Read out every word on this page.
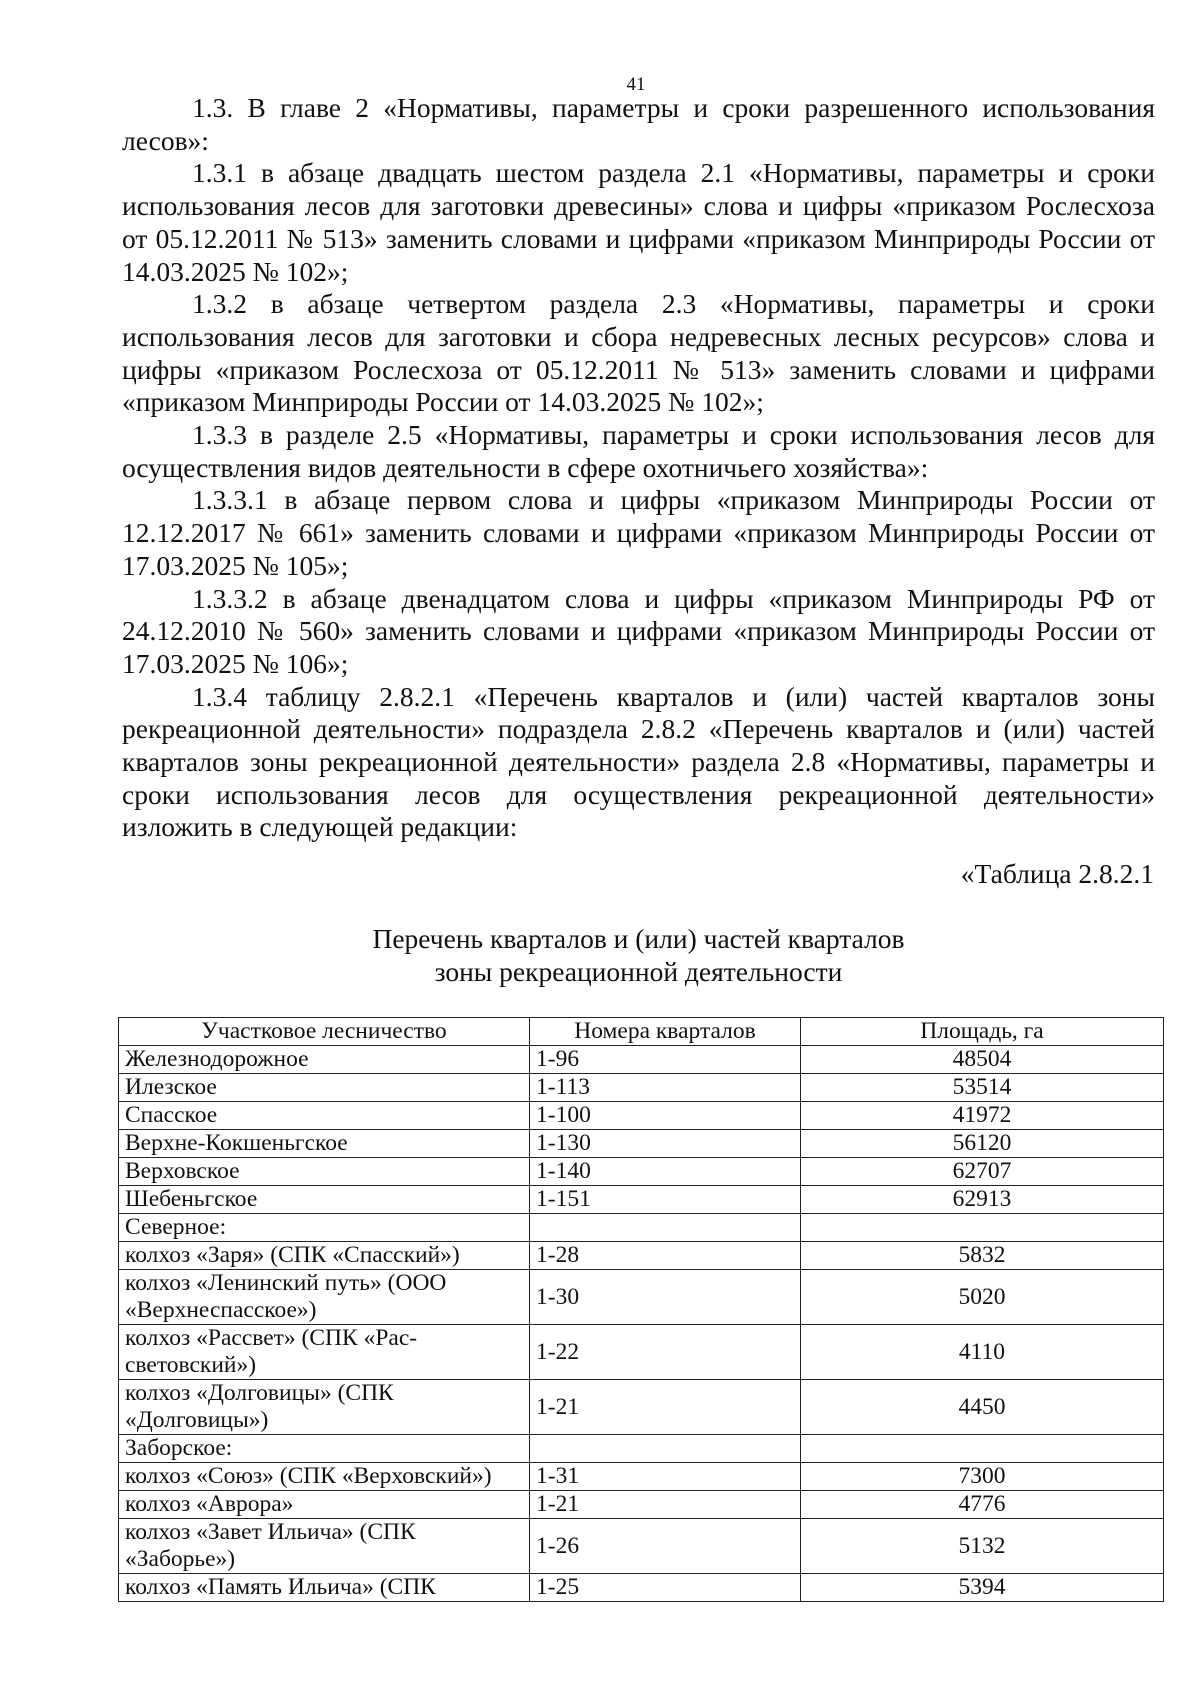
41

1.3. В главе 2 «Нормативы, параметры и сроки разрешенного использования лесов»:

1.3.1 в абзаце двадцать шестом раздела 2.1 «Нормативы, параметры и сроки использования лесов для заготовки древесины» слова и цифры «приказом Рослесхоза от 05.12.2011 № 513» заменить словами и цифрами «приказом Минприроды России от 14.03.2025 № 102»;

1.3.2 в абзаце четвертом раздела 2.3 «Нормативы, параметры и сроки использования лесов для заготовки и сбора недревесных лесных ресурсов» слова и цифры «приказом Рослесхоза от 05.12.2011 № 513» заменить словами и цифрами «приказом Минприроды России от 14.03.2025 № 102»;

1.3.3 в разделе 2.5 «Нормативы, параметры и сроки использования лесов для осуществления видов деятельности в сфере охотничьего хозяйства»:

1.3.3.1 в абзаце первом слова и цифры «приказом Минприроды России от 12.12.2017 № 661» заменить словами и цифрами «приказом Минприроды России от 17.03.2025 № 105»;

1.3.3.2 в абзаце двенадцатом слова и цифры «приказом Минприроды РФ от 24.12.2010 № 560» заменить словами и цифрами «приказом Минприроды России от 17.03.2025 № 106»;

1.3.4 таблицу 2.8.2.1 «Перечень кварталов и (или) частей кварталов зоны рекреационной деятельности» подраздела 2.8.2 «Перечень кварталов и (или) частей кварталов зоны рекреационной деятельности» раздела 2.8 «Нормативы, параметры и сроки использования лесов для осуществления рекреационной деятельности» изложить в следующей редакции:

«Таблица 2.8.2.1
Перечень кварталов и (или) частей кварталов
зоны рекреационной деятельности
Участковое лесничество	Номера кварталов	Площадь, га
Железнодорожное	1-96	48504
Илезское	1-113	53514
Спасское	1-100	41972
Верхне-Кокшеньгское	1-130	56120
Верховское	1-140	62707
Шебеньгское	1-151	62913
Северное:		
колхоз «Заря» (СПК «Спасский»)	1-28	5832
колхоз «Ленинский путь» (ООО «Верхнеспасское»)	1-30	5020
колхоз «Рассвет» (СПК «Рас-световский»)	1-22	4110
колхоз «Долговицы» (СПК «Долговицы»)	1-21	4450
Заборское:		
колхоз «Союз» (СПК «Верховский»)	1-31	7300
колхоз «Аврора»	1-21	4776
колхоз «Завет Ильича» (СПК «Заборье»)	1-26	5132
колхоз «Память Ильича» (СПК	1-25	5394
